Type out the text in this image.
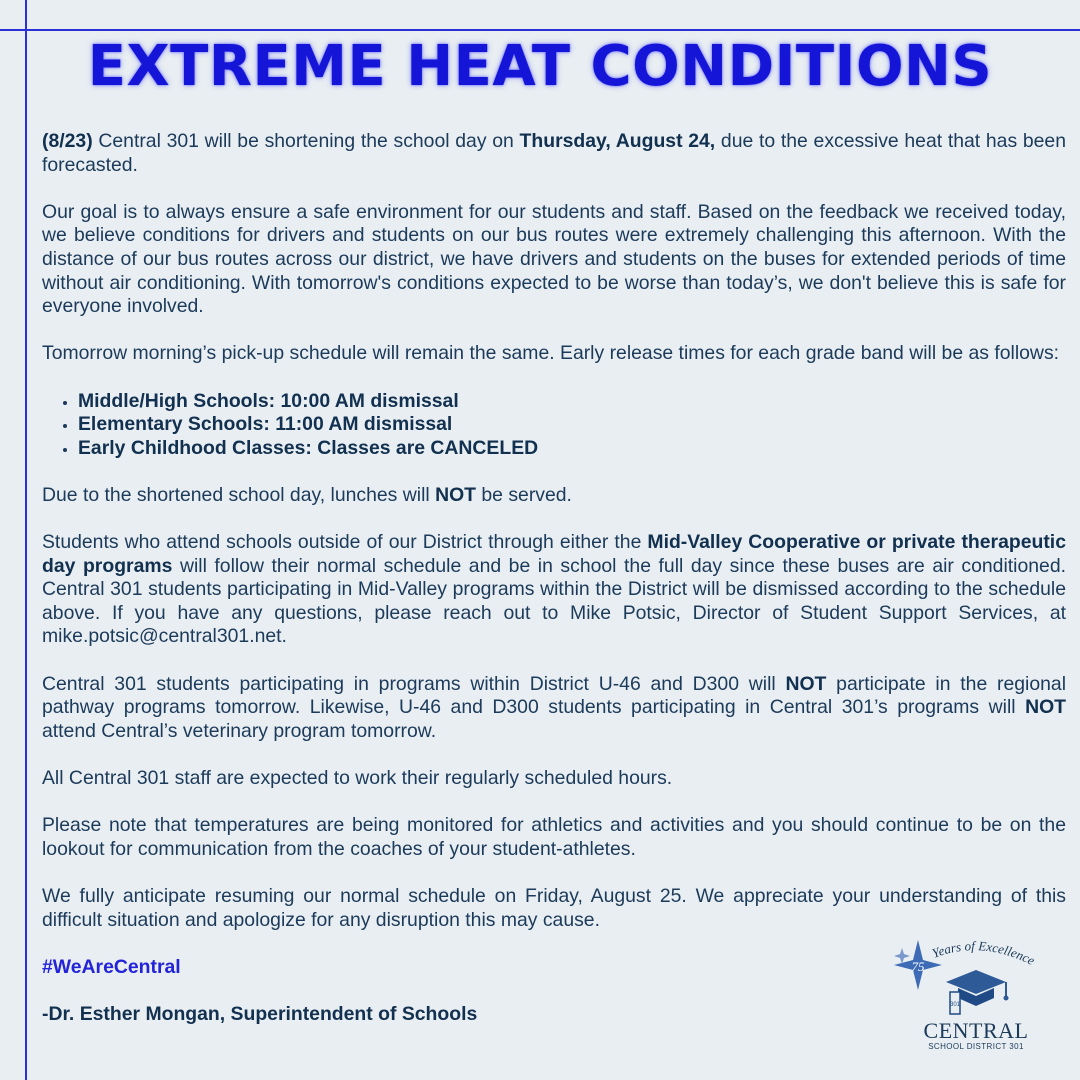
EXTREME HEAT CONDITIONS

(8/23) Central 301 will be shortening the school day on Thursday, August 24, due to the excessive heat that has been forecasted.

Our goal is to always ensure a safe environment for our students and staff. Based on the feedback we received today, we believe conditions for drivers and students on our bus routes were extremely challenging this afternoon. With the distance of our bus routes across our district, we have drivers and students on the buses for extended periods of time without air conditioning. With tomorrow's conditions expected to be worse than today’s, we don't believe this is safe for everyone involved.

Tomorrow morning’s pick-up schedule will remain the same. Early release times for each grade band will be as follows:

• Middle/High Schools: 10:00 AM dismissal
• Elementary Schools: 11:00 AM dismissal
• Early Childhood Classes: Classes are CANCELED

Due to the shortened school day, lunches will NOT be served.

Students who attend schools outside of our District through either the Mid-Valley Cooperative or private therapeutic day programs will follow their normal schedule and be in school the full day since these buses are air conditioned. Central 301 students participating in Mid-Valley programs within the District will be dismissed according to the schedule above. If you have any questions, please reach out to Mike Potsic, Director of Student Support Services, at mike.potsic@central301.net.

Central 301 students participating in programs within District U-46 and D300 will NOT participate in the regional pathway programs tomorrow. Likewise, U-46 and D300 students participating in Central 301’s programs will NOT attend Central’s veterinary program tomorrow.

All Central 301 staff are expected to work their regularly scheduled hours.

Please note that temperatures are being monitored for athletics and activities and you should continue to be on the lookout for communication from the coaches of your student-athletes.

We fully anticipate resuming our normal schedule on Friday, August 25. We appreciate your understanding of this difficult situation and apologize for any disruption this may cause.

#WeAreCentral

-Dr. Esther Mongan, Superintendent of Schools

75
Years of Excellence
301
CENTRAL
SCHOOL DISTRICT 301
